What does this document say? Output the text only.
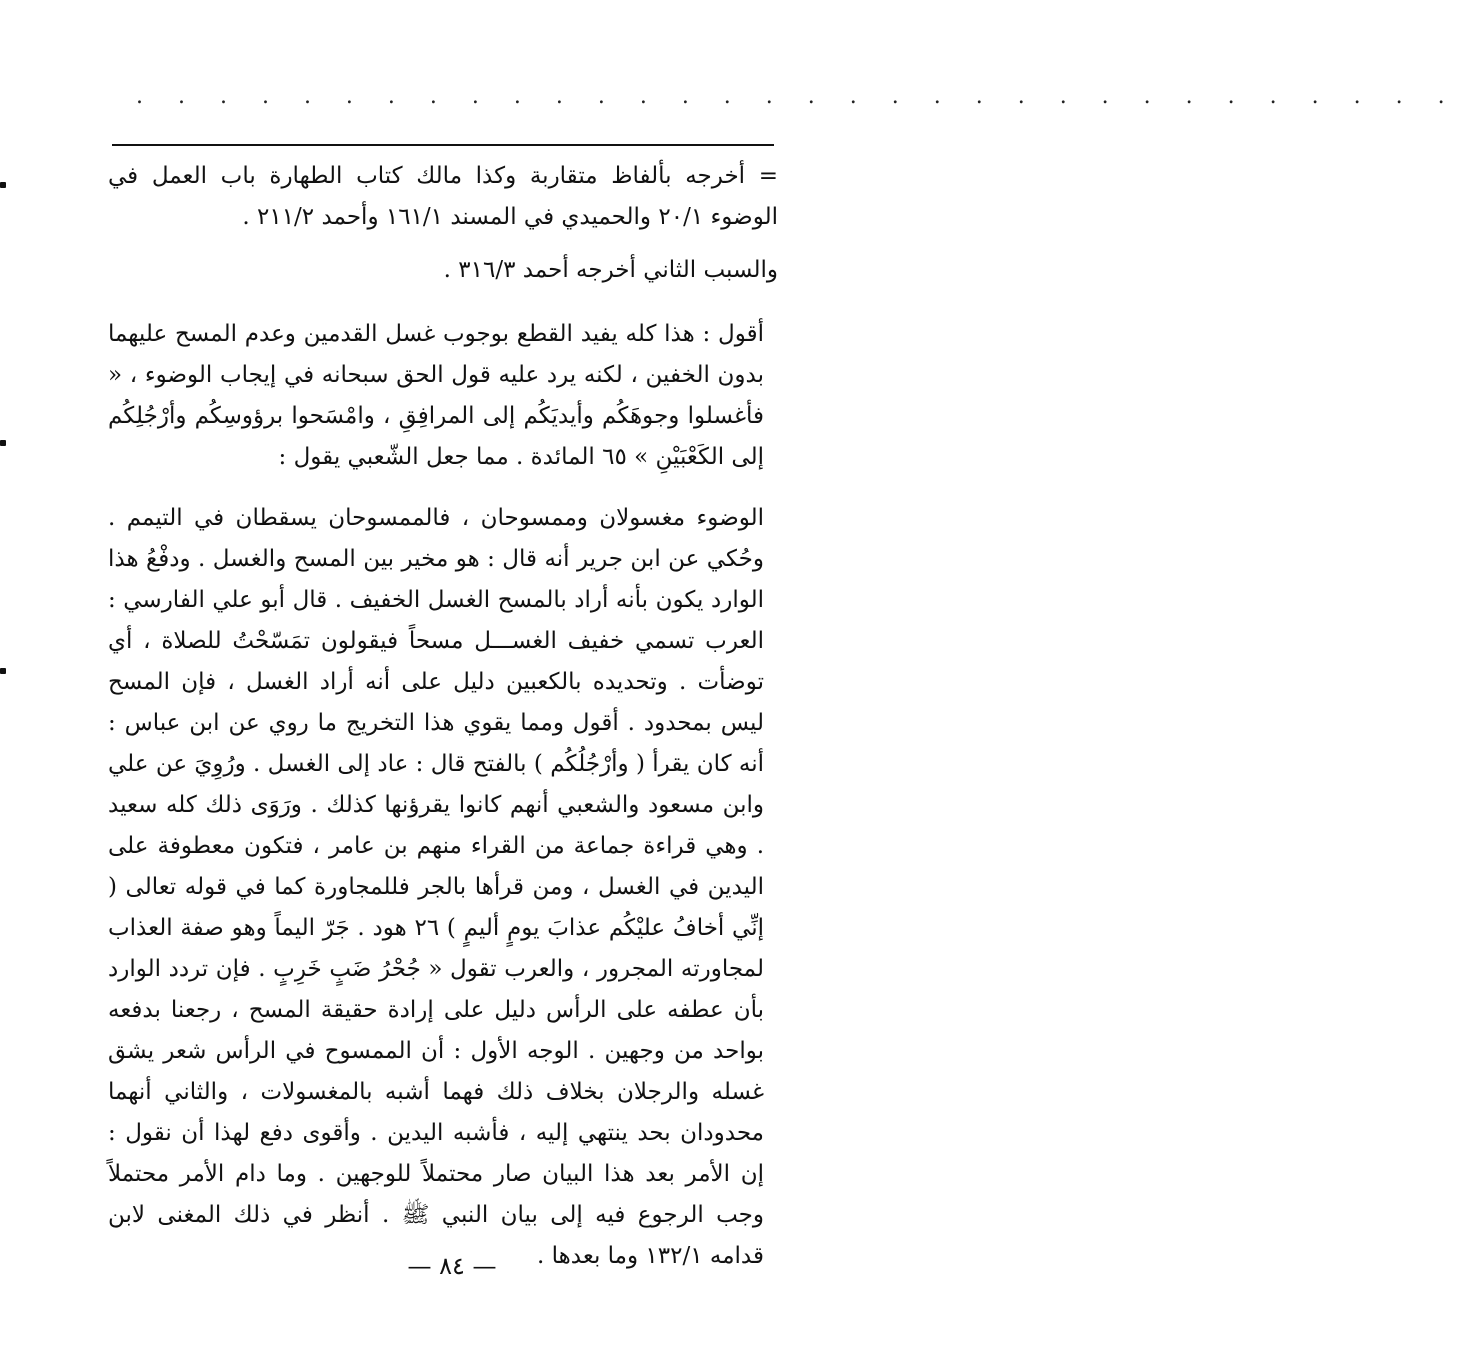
. . . . . . . . . . . . . . . . . . . . . . . . . . . . . . . .

= أخرجه بألفاظ متقاربة وكذا مالك كتاب الطهارة باب العمل في الوضوء ٢٠/١ والحميدي في المسند ١٦١/١ وأحمد ٢١١/٢ .

والسبب الثاني أخرجه أحمد ٣١٦/٣ .

أقول : هذا كله يفيد القطع بوجوب غسل القدمين وعدم المسح عليهما بدون الخفين ، لكنه يرد عليه قول الحق سبحانه في إيجاب الوضوء ، « فأغسلوا وجوهَكُم وأيديَكُم إلى المرافِقِ ، وامْسَحوا برؤوسِكُم وأرْجُلِكُم إلى الكَعْبَيْنِ » ٦٥ المائدة . مما جعل الشّعبي يقول :

الوضوء مغسولان وممسوحان ، فالممسوحان يسقطان في التيمم . وحُكي عن ابن جرير أنه قال : هو مخير بين المسح والغسل . ودفْعُ هذا الوارد يكون بأنه أراد بالمسح الغسل الخفيف . قال أبو علي الفارسي : العرب تسمي خفيف الغســـل مسحاً فيقولون تمَسّحْتُ للصلاة ، أي توضأت . وتحديده بالكعبين دليل على أنه أراد الغسل ، فإن المسح ليس بمحدود . أقول ومما يقوي هذا التخريج ما روي عن ابن عباس : أنه كان يقرأ ( وأرْجُلُكُم ) بالفتح قال : عاد إلى الغسل . ورُوِيَ عن علي وابن مسعود والشعبي أنهم كانوا يقرؤنها كذلك . ورَوَى ذلك كله سعيد . وهي قراءة جماعة من القراء منهم بن عامر ، فتكون معطوفة على اليدين في الغسل ، ومن قرأها بالجر فللمجاورة كما في قوله تعالى ( إنِّي أخافُ عليْكُم عذابَ يومٍ أليمٍ ) ٢٦ هود . جَرّ اليماً وهو صفة العذاب لمجاورته المجرور ، والعرب تقول « جُحْرُ ضَبٍ خَرِبٍ . فإن تردد الوارد بأن عطفه على الرأس دليل على إرادة حقيقة المسح ، رجعنا بدفعه بواحد من وجهين . الوجه الأول : أن الممسوح في الرأس شعر يشق غسله والرجلان بخلاف ذلك فهما أشبه بالمغسولات ، والثاني أنهما محدودان بحد ينتهي إليه ، فأشبه اليدين . وأقوى دفع لهذا أن نقول : إن الأمر بعد هذا البيان صار محتملاً للوجهين . وما دام الأمر محتملاً وجب الرجوع فيه إلى بيان النبي ﷺ . أنظر في ذلك المغنى لابن قدامه ١٣٢/١ وما بعدها .

— ٨٤ —
